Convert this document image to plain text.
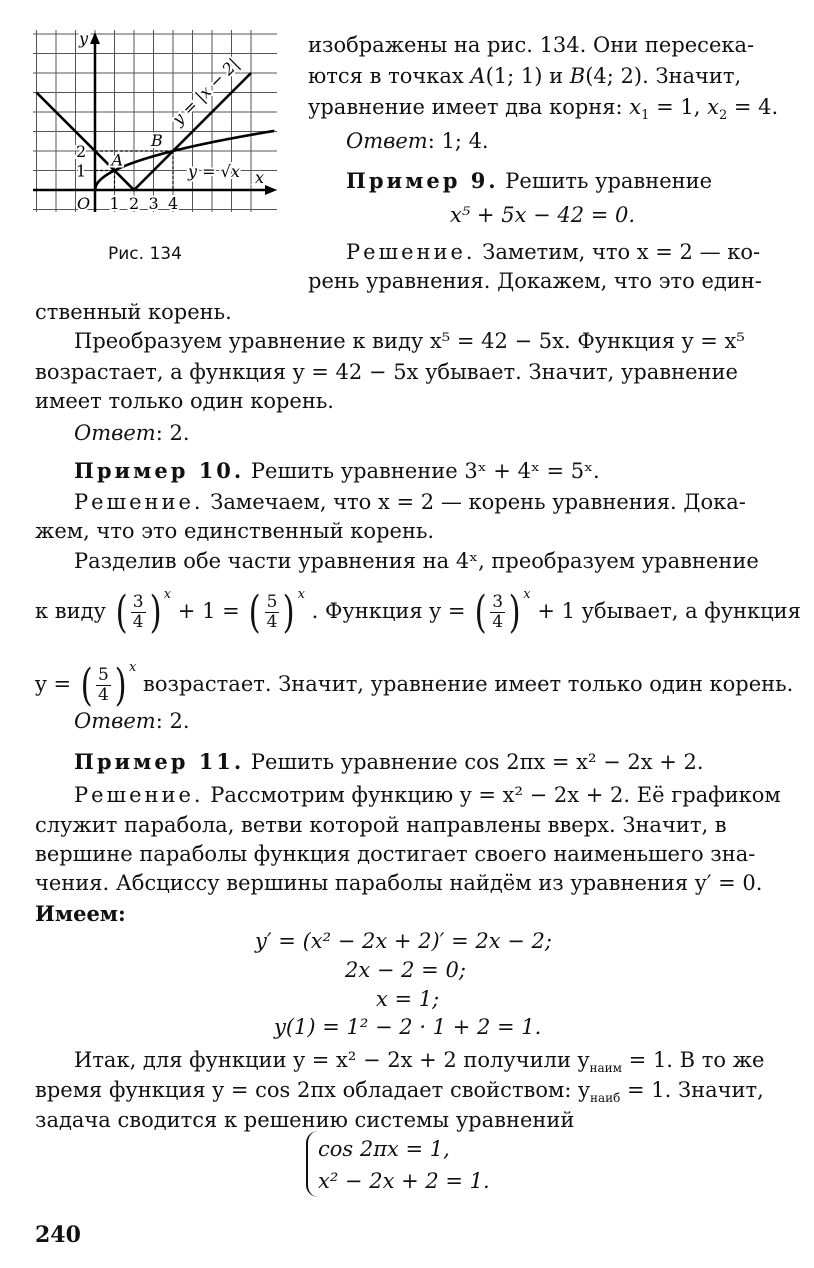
y
x
O 1 2 3 4
1
2 A
B
y = |x − 2|
y = √x
Рис. 134
изображены на рис. 134. Они пересека-
ются в точках A(1; 1) и B(4; 2). Значит,
уравнение имеет два корня: $x_1 = 1$, $x_2 = 4$.
Ответ: 1; 4.
Пример 9. Решить уравнение
x⁵ + 5x − 42 = 0.
Решение. Заметим, что x = 2 — ко-
рень уравнения. Докажем, что это един-
ственный корень.
Преобразуем уравнение к виду x⁵ = 42 − 5x. Функция y = x⁵
возрастает, а функция y = 42 − 5x убывает. Значит, уравнение
имеет только один корень.
Ответ: 2.
Пример 10. Решить уравнение 3ˣ + 4ˣ = 5ˣ.
Решение. Замечаем, что x = 2 — корень уравнения. Дока-
жем, что это единственный корень.
Разделив обе части уравнения на 4ˣ, преобразуем уравнение
к виду ( $\frac{3}{4}$ ) $^x$ + 1 = ( $\frac{5}{4}$ ) $^x$ . Функция y = ( $\frac{3}{4}$ ) $^x$ + 1 убывает, а функция
y = ( $\frac{5}{4}$ ) $^x$ возрастает. Значит, уравнение имеет только один корень.
Ответ: 2.
Пример 11. Решить уравнение cos 2πx = x² − 2x + 2.
Решение. Рассмотрим функцию y = x² − 2x + 2. Её графиком
служит парабола, ветви которой направлены вверх. Значит, в
вершине параболы функция достигает своего наименьшего зна-
чения. Абсциссу вершины параболы найдём из уравнения y′ = 0.
Имеем:
y′ = (x² − 2x + 2)′ = 2x − 2;
2x − 2 = 0;
x = 1;
y(1) = 1² − 2 · 1 + 2 = 1.
Итак, для функции y = x² − 2x + 2 получили $y_{наим} = 1$. В то же
время функция y = cos 2πx обладает свойством: $y_{наиб} = 1$. Значит,
задача сводится к решению системы уравнений
cos 2πx = 1,
x² − 2x + 2 = 1.
240
